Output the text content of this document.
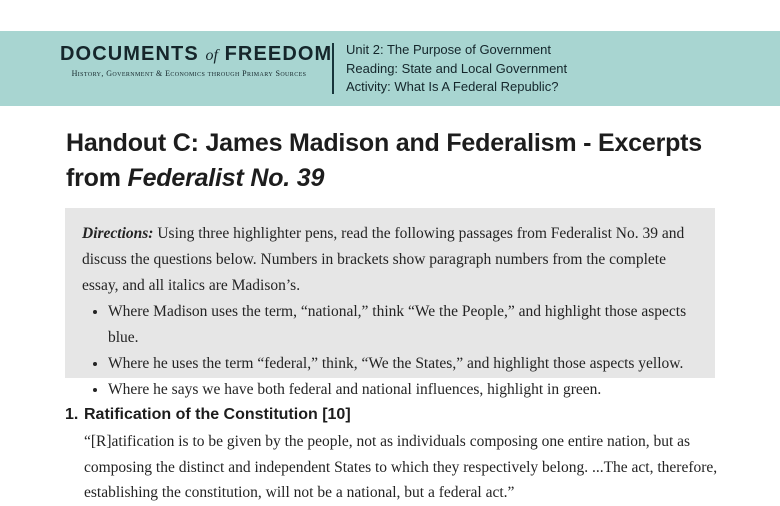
DOCUMENTS of FREEDOM
History, Government & Economics through Primary Sources
Unit 2: The Purpose of Government
Reading: State and Local Government
Activity: What Is A Federal Republic?
Handout C: James Madison and Federalism - Excerpts
from Federalist No. 39

Directions: Using three highlighter pens, read the following passages from Federalist No. 39 and discuss the questions below. Numbers in brackets show paragraph numbers from the complete essay, and all italics are Madison’s.

• Where Madison uses the term, “national,” think “We the People,” and highlight those aspects blue.
• Where he uses the term “federal,” think, “We the States,” and highlight those aspects yellow.
• Where he says we have both federal and national influences, highlight in green.
1. Ratification of the Constitution [10]

“[R]atification is to be given by the people, not as individuals composing one entire nation, but as composing the distinct and independent States to which they respectively belong. ...The act, therefore, establishing the constitution, will not be a national, but a federal act.”
